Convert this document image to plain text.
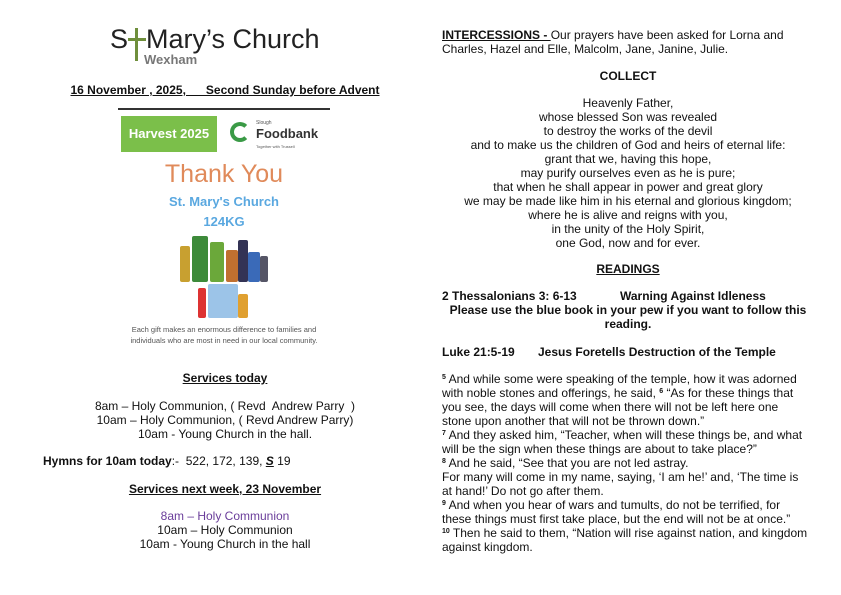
S Mary’s Church
Wexham
16 November , 2025,      Second Sunday before Advent
Harvest 2025
Slough
Foodbank
Together with Trussell
Thank You
St. Mary's Church
124KG
Each gift makes an enormous difference to families and individuals who are most in need in our local community.
Services today
8am – Holy Communion, ( Revd  Andrew Parry  )
10am – Holy Communion, ( Revd Andrew Parry)
10am - Young Church in the hall.
Hymns for 10am today:-  522, 172, 139, S 19
Services next week, 23 November
8am – Holy Communion
10am – Holy Communion
10am - Young Church in the hall
INTERCESSIONS - Our prayers have been asked for Lorna and Charles, Hazel and Elle, Malcolm, Jane, Janine, Julie.
COLLECT
Heavenly Father,
whose blessed Son was revealed
to destroy the works of the devil
and to make us the children of God and heirs of eternal life:
grant that we, having this hope,
may purify ourselves even as he is pure;
that when he shall appear in power and great glory
we may be made like him in his eternal and glorious kingdom;
where he is alive and reigns with you,
in the unity of the Holy Spirit,
one God, now and for ever.
READINGS
2 Thessalonians 3: 6-13	Warning Against Idleness
Please use the blue book in your pew if you want to follow this reading.
Luke 21:5-19 Jesus Foretells Destruction of the Temple
$^5$ And while some were speaking of the temple, how it was adorned with noble stones and offerings, he said, $^6$ “As for these things that you see, the days will come when there will not be left here one stone upon another that will not be thrown down.”
$^7$ And they asked him, “Teacher, when will these things be, and what will be the sign when these things are about to take place?”
$^8$ And he said, “See that you are not led astray.
For many will come in my name, saying, ‘I am he!’ and, ‘The time is at hand!’ Do not go after them.
$^9$ And when you hear of wars and tumults, do not be terrified, for these things must first take place, but the end will not be at once.”
$^{10}$ Then he said to them, “Nation will rise against nation, and kingdom against kingdom.
